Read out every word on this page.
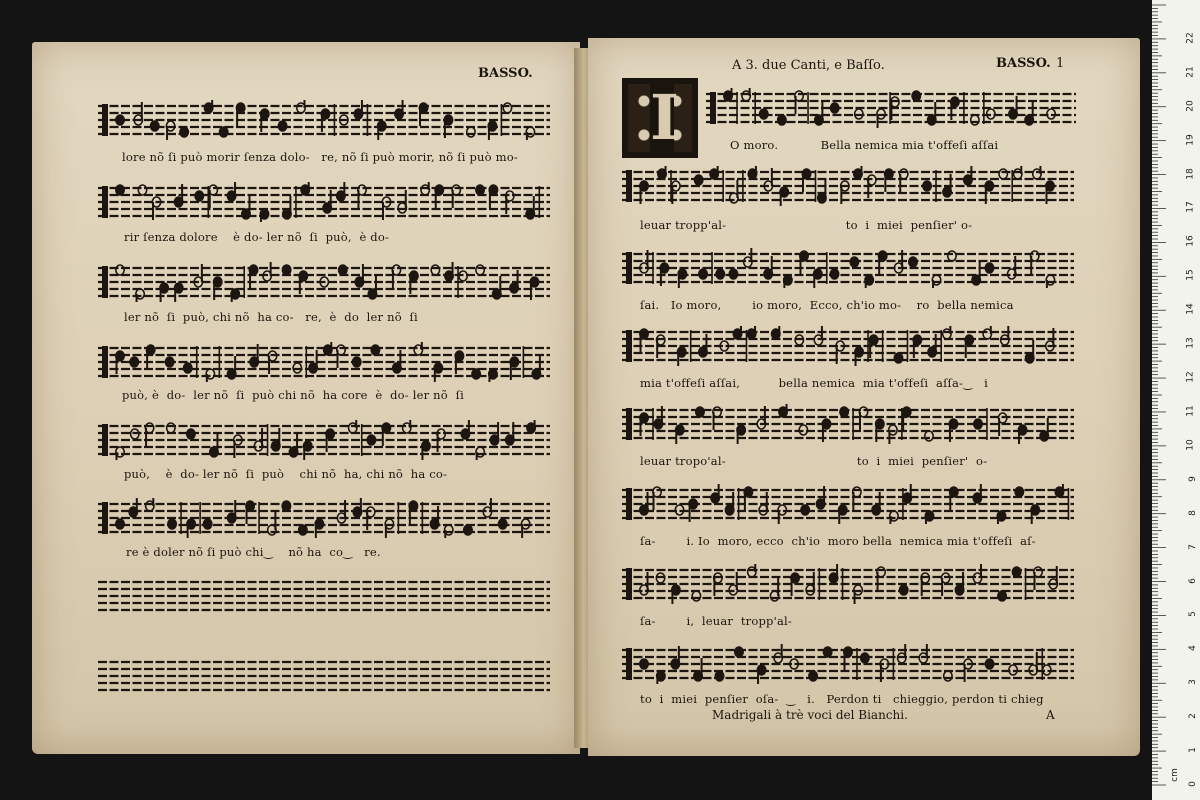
BASSO.
A 3. due Canti, e Baſſo.	BASSO. 1
I
lore nõ ſi può morir ſenza dolo-   re, nõ ſi può morir, nõ ſi può mo-
rir ſenza dolore    è do- ler nõ  ſi  può,  è do-
ler nõ  ſi  può, chi nõ  ha co-   re,  è  do  ler nõ  ſi
può, è  do-  ler nõ  ſi  può chi nõ  ha core  è  do- ler nõ  ſi
può,    è  do- ler nõ  ſi  può    chi nõ  ha, chi nõ  ha co-
re è doler nõ ſi può chi‿    nõ ha  co‿   re.
O moro.           Bella nemica mia t'offeſi aſſai
leuar tropp'al-                               to  i  miei  penſier' o-
ſai.   Io moro,        io moro,  Ecco, ch'io mo-    ro  bella nemica
mia t'offeſi aſſai,          bella nemica  mia t'offeſi  aſſa-‿   i
leuar tropo'al-                                  to  i  miei  penſier'  o-
ſa-        i. Io  moro, ecco  ch'io  moro bella  nemica mia t'offeſi  aſ-
ſa-        i,  leuar  tropp'al-
to  i  miei  penſier  oſa-  ‿   i.   Perdon ti   chieggio, perdon ti chieg
Madrigali à trè voci del Bianchi.	A
0
1
2
3
4
5
6
7
8
9
10
11
12
13
14
15
16
17
18
19
20
21
22
cm
